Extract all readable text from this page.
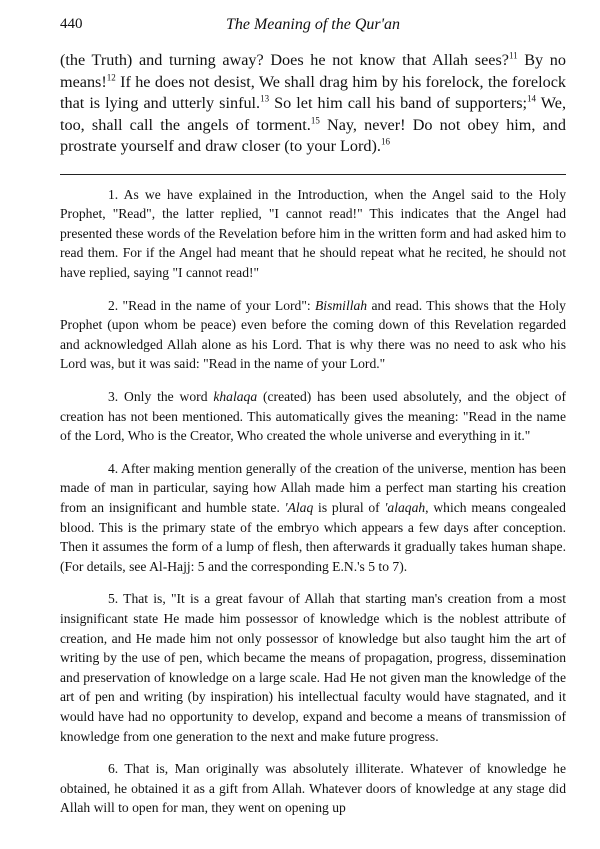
440	The Meaning of the Qur'an

(the Truth) and turning away? Does he not know that Allah sees?$^{11}$ By no means!$^{12}$ If he does not desist, We shall drag him by his forelock, the forelock that is lying and utterly sinful.$^{13}$ So let him call his band of supporters;$^{14}$ We, too, shall call the angels of torment.$^{15}$ Nay, never! Do not obey him, and prostrate yourself and draw closer (to your Lord).$^{16}$

1. As we have explained in the Introduction, when the Angel said to the Holy Prophet, "Read", the latter replied, "I cannot read!" This indicates that the Angel had presented these words of the Revelation before him in the written form and had asked him to read them. For if the Angel had meant that he should repeat what he recited, he should not have replied, saying "I cannot read!"

2. "Read in the name of your Lord": Bismillah and read. This shows that the Holy Prophet (upon whom be peace) even before the coming down of this Revelation regarded and acknowledged Allah alone as his Lord. That is why there was no need to ask who his Lord was, but it was said: "Read in the name of your Lord."

3. Only the word khalaqa (created) has been used absolutely, and the object of creation has not been mentioned. This automatically gives the meaning: "Read in the name of the Lord, Who is the Creator, Who created the whole universe and everything in it."

4. After making mention generally of the creation of the universe, mention has been made of man in particular, saying how Allah made him a perfect man starting his creation from an insignificant and humble state. 'Alaq is plural of 'alaqah, which means congealed blood. This is the primary state of the embryo which appears a few days after conception. Then it assumes the form of a lump of flesh, then afterwards it gradually takes human shape. (For details, see Al-Hajj: 5 and the corresponding E.N.'s 5 to 7).

5. That is, "It is a great favour of Allah that starting man's creation from a most insignificant state He made him possessor of knowledge which is the noblest attribute of creation, and He made him not only possessor of knowledge but also taught him the art of writing by the use of pen, which became the means of propagation, progress, dissemination and preservation of knowledge on a large scale. Had He not given man the knowledge of the art of pen and writing (by inspiration) his intellectual faculty would have stagnated, and it would have had no opportunity to develop, expand and become a means of transmission of knowledge from one generation to the next and make future progress.

6. That is, Man originally was absolutely illiterate. Whatever of knowledge he obtained, he obtained it as a gift from Allah. Whatever doors of knowledge at any stage did Allah will to open for man, they went on opening up
